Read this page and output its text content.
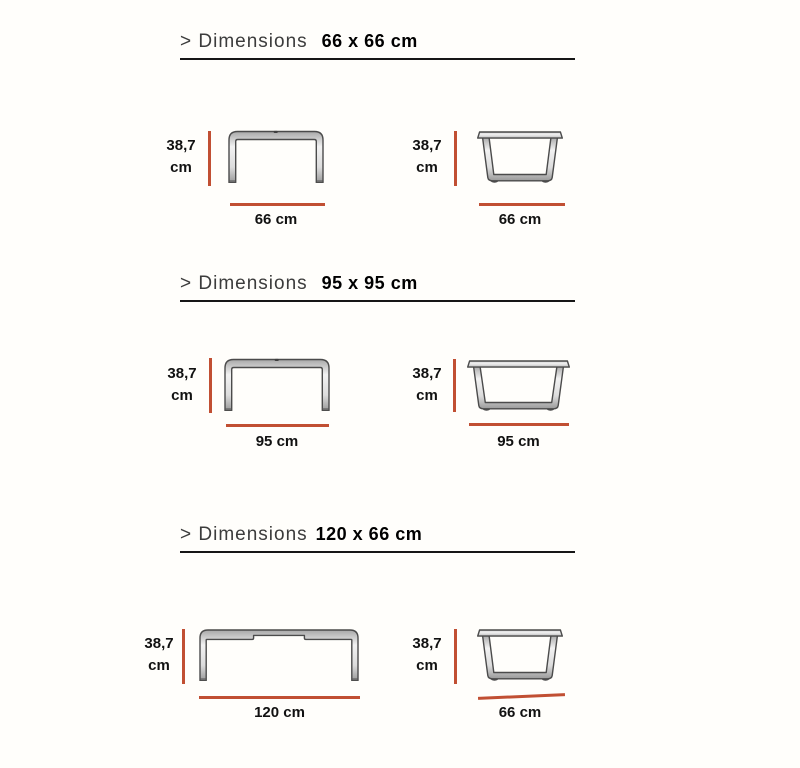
> Dimensions 66 x 66 cm
38,7
cm
66 cm
38,7
cm
66 cm
> Dimensions 95 x 95 cm
38,7
cm
95 cm
38,7
cm
95 cm
> Dimensions 120 x 66 cm
38,7
cm
120 cm
38,7
cm
66 cm
